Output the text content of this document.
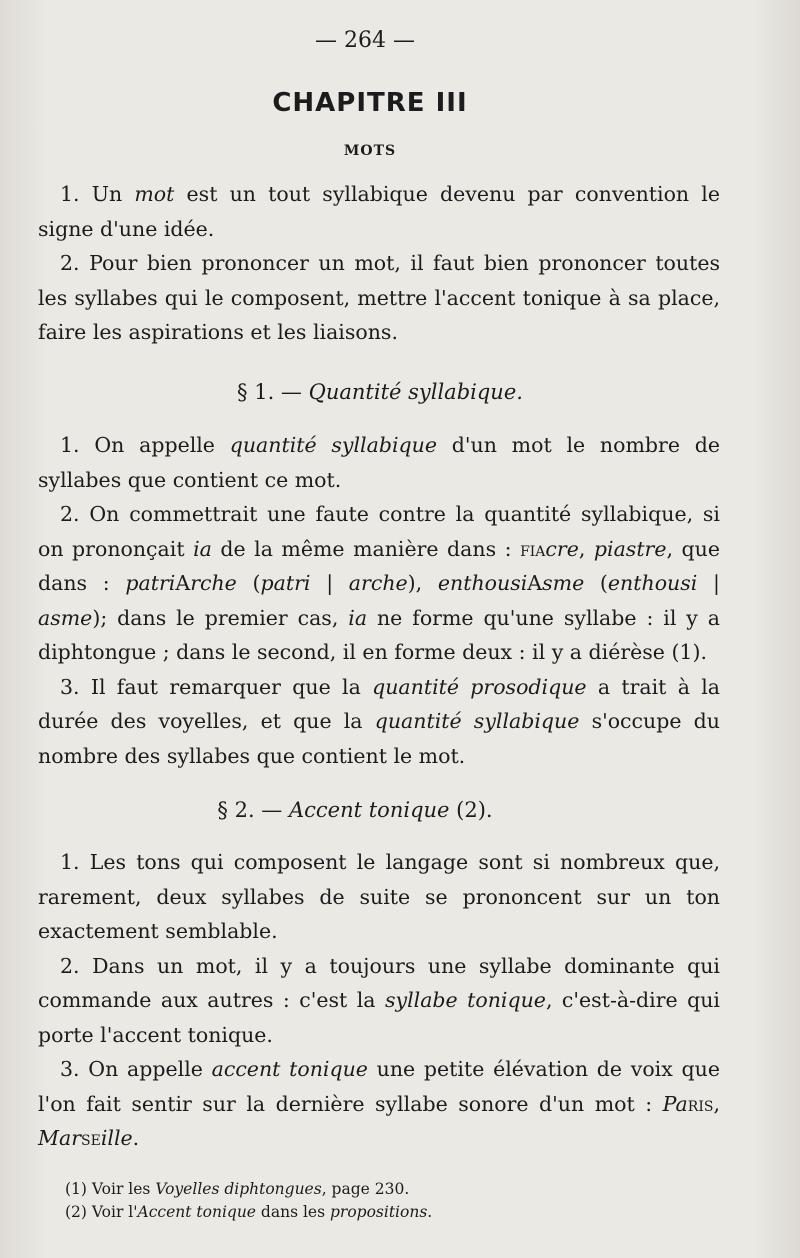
— 264 —
CHAPITRE III
MOTS

1. Un mot est un tout syllabique devenu par convention le signe d'une idée.

2. Pour bien prononcer un mot, il faut bien prononcer toutes les syllabes qui le composent, mettre l'accent tonique à sa place, faire les aspirations et les liaisons.

§ 1. — Quantité syllabique.

1. On appelle quantité syllabique d'un mot le nombre de syllabes que contient ce mot.

2. On commettrait une faute contre la quantité syllabique, si on prononçait ia de la même manière dans : fiacre, piastre, que dans : patriArche (patri | arche), enthousiAsme (enthousi | asme); dans le premier cas, ia ne forme qu'une syllabe : il y a diphtongue ; dans le second, il en forme deux : il y a diérèse (1).

3. Il faut remarquer que la quantité prosodique a trait à la durée des voyelles, et que la quantité syllabique s'occupe du nombre des syllabes que contient le mot.

§ 2. — Accent tonique (2).

1. Les tons qui composent le langage sont si nombreux que, rarement, deux syllabes de suite se prononcent sur un ton exactement semblable.

2. Dans un mot, il y a toujours une syllabe dominante qui commande aux autres : c'est la syllabe tonique, c'est-à-dire qui porte l'accent tonique.

3. On appelle accent tonique une petite élévation de voix que l'on fait sentir sur la dernière syllabe sonore d'un mot : Paris, Marseille.

(1) Voir les Voyelles diphtongues, page 230.

(2) Voir l'Accent tonique dans les propositions.
